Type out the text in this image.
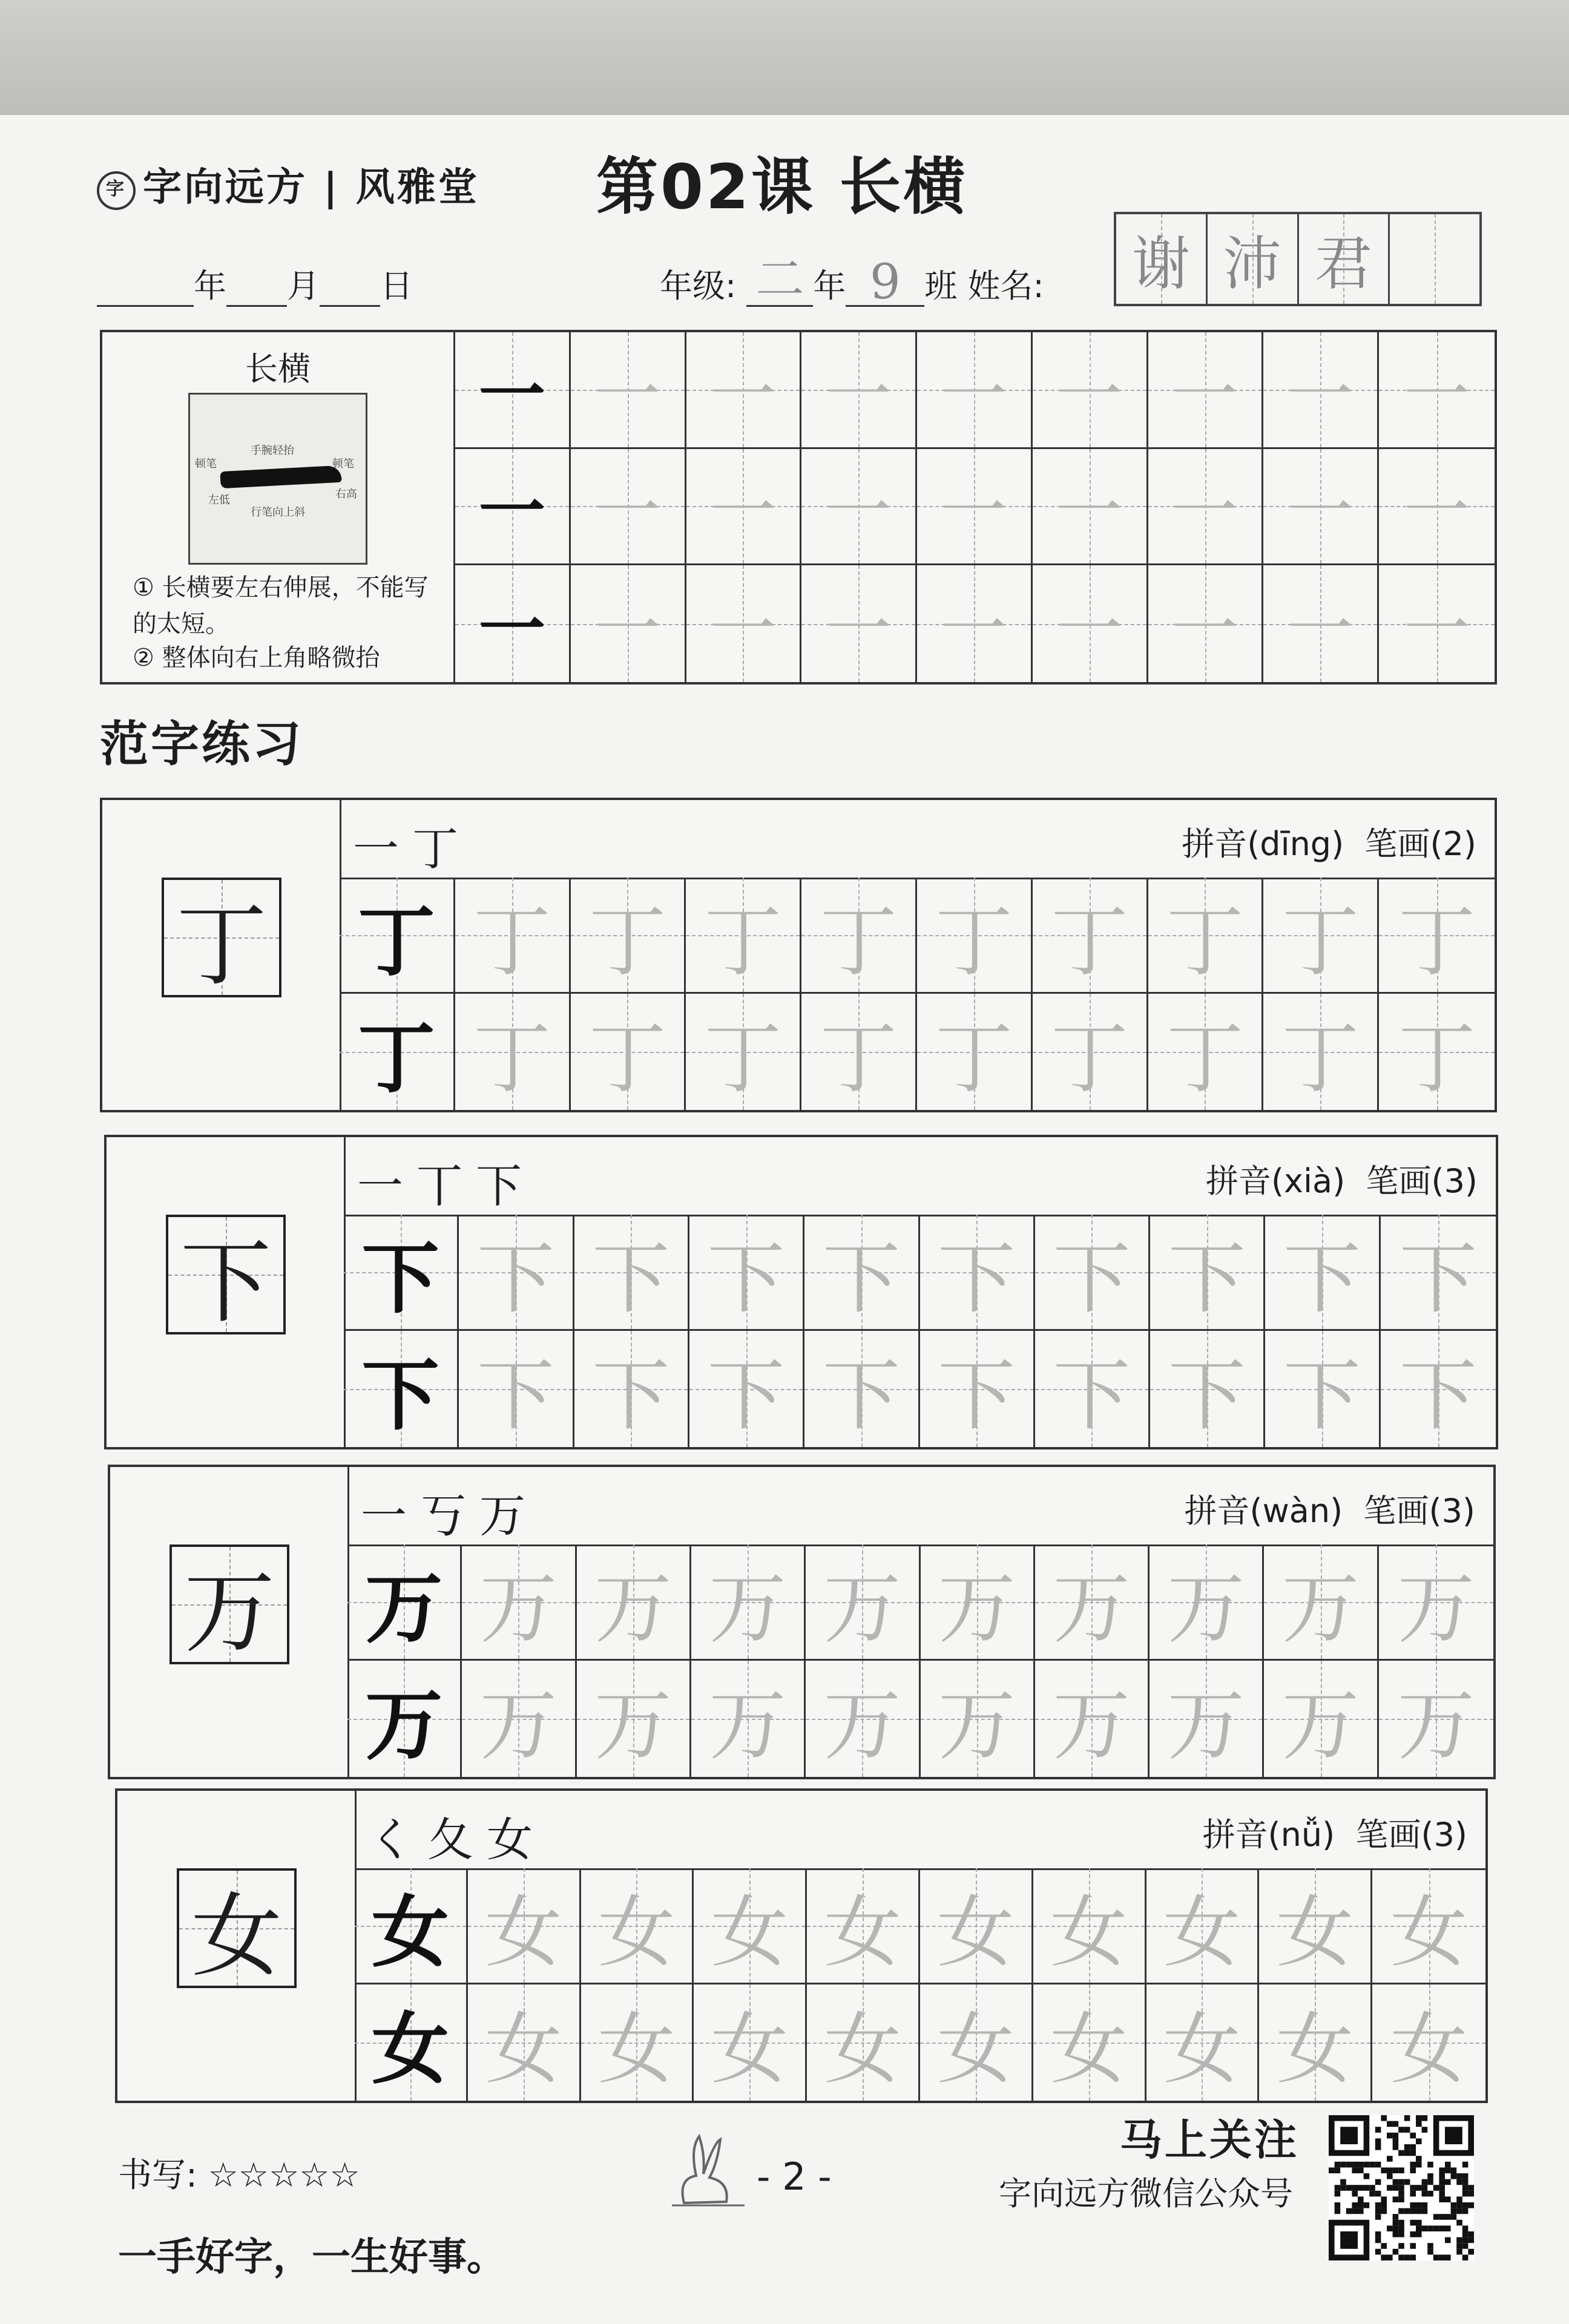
字 字向远方 | 风雅堂 第02课 长横
年 月 日	年级: 二 年 9 班 姓名: 谢 沛 君
长横
顿笔
手腕轻抬
顿笔
左低	右高
行笔向上斜
① 长横要左右伸展，不能写的太短。
② 整体向右上角略微抬
一 一 一 一 一 一 一 一 一
一 一 一 一 一 一 一 一 一
一 一 一 一 一 一 一 一 一
范字练习
丁
一丁	拼音(dīng) 笔画(2)
丁 丁 丁 丁 丁 丁 丁 丁 丁 丁
丁 丁 丁 丁 丁 丁 丁 丁 丁 丁
下
一丅下	拼音(xià) 笔画(3)
下 下 下 下 下 下 下 下 下 下
下 下 下 下 下 下 下 下 下 下
万
一丂万	拼音(wàn) 笔画(3)
万 万 万 万 万 万 万 万 万 万
万 万 万 万 万 万 万 万 万 万
女
く夂女	拼音(nǚ) 笔画(3)
女 女 女 女 女 女 女 女 女 女
女 女 女 女 女 女 女 女 女 女
书写: ☆☆☆☆☆
一手好字，一生好事。
- 2 -
马上关注
字向远方微信公众号
